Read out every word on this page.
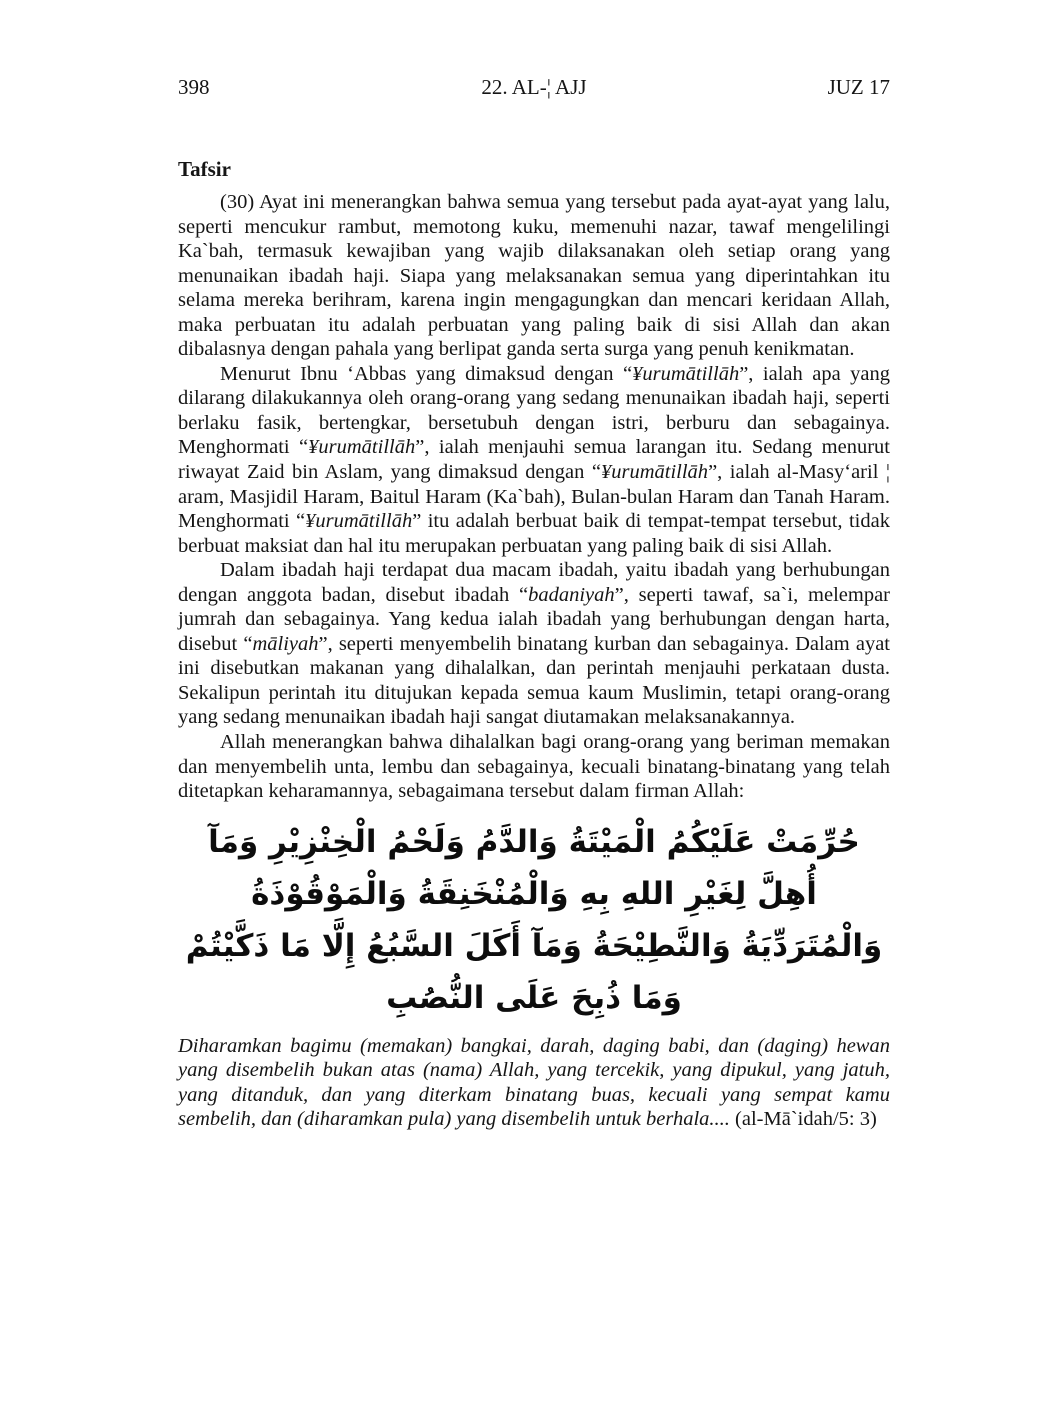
398	22. AL-¦ AJJ	JUZ 17
Tafsir

(30) Ayat ini menerangkan bahwa semua yang tersebut pada ayat-ayat yang lalu, seperti mencukur rambut, memotong kuku, memenuhi nazar, tawaf mengelilingi Ka`bah, termasuk kewajiban yang wajib dilaksanakan oleh setiap orang yang menunaikan ibadah haji. Siapa yang melaksanakan semua yang diperintahkan itu selama mereka berihram, karena ingin mengagungkan dan mencari keridaan Allah, maka perbuatan itu adalah perbuatan yang paling baik di sisi Allah dan akan dibalasnya dengan pahala yang berlipat ganda serta surga yang penuh kenikmatan.

Menurut Ibnu ‘Abbas yang dimaksud dengan “¥urumātillāh”, ialah apa yang dilarang dilakukannya oleh orang-orang yang sedang menunaikan ibadah haji, seperti berlaku fasik, bertengkar, bersetubuh dengan istri, berburu dan sebagainya. Menghormati “¥urumātillāh”, ialah menjauhi semua larangan itu. Sedang menurut riwayat Zaid bin Aslam, yang dimaksud dengan “¥urumātillāh”, ialah al-Masy‘aril ¦ aram, Masjidil Haram, Baitul Haram (Ka`bah), Bulan-bulan Haram dan Tanah Haram. Menghormati “¥urumātillāh” itu adalah berbuat baik di tempat-tempat tersebut, tidak berbuat maksiat dan hal itu merupakan perbuatan yang paling baik di sisi Allah.

Dalam ibadah haji terdapat dua macam ibadah, yaitu ibadah yang berhubungan dengan anggota badan, disebut ibadah “badaniyah”, seperti tawaf, sa`i, melempar jumrah dan sebagainya. Yang kedua ialah ibadah yang berhubungan dengan harta, disebut “māliyah”, seperti menyembelih binatang kurban dan sebagainya. Dalam ayat ini disebutkan makanan yang dihalalkan, dan perintah menjauhi perkataan dusta. Sekalipun perintah itu ditujukan kepada semua kaum Muslimin, tetapi orang-orang yang sedang menunaikan ibadah haji sangat diutamakan melaksanakannya.

Allah menerangkan bahwa dihalalkan bagi orang-orang yang beriman memakan dan menyembelih unta, lembu dan sebagainya, kecuali binatang-binatang yang telah ditetapkan keharamannya, sebagaimana tersebut dalam firman Allah:

حُرِّمَتْ عَلَيْكُمُ الْمَيْتَةُ وَالدَّمُ وَلَحْمُ الْخِنْزِيْرِ وَمَآ أُهِلَّ لِغَيْرِ اللهِ بِهِ وَالْمُنْخَنِقَةُ وَالْمَوْقُوْذَةُ
وَالْمُتَرَدِّيَةُ وَالنَّطِيْحَةُ وَمَآ أَكَلَ السَّبُعُ إِلَّا مَا ذَكَّيْتُمْ وَمَا ذُبِحَ عَلَى النُّصُبِ

Diharamkan bagimu (memakan) bangkai, darah, daging babi, dan (daging) hewan yang disembelih bukan atas (nama) Allah, yang tercekik, yang dipukul, yang jatuh, yang ditanduk, dan yang diterkam binatang buas, kecuali yang sempat kamu sembelih, dan (diharamkan pula) yang disembelih untuk berhala.... (al-Mā`idah/5: 3)
